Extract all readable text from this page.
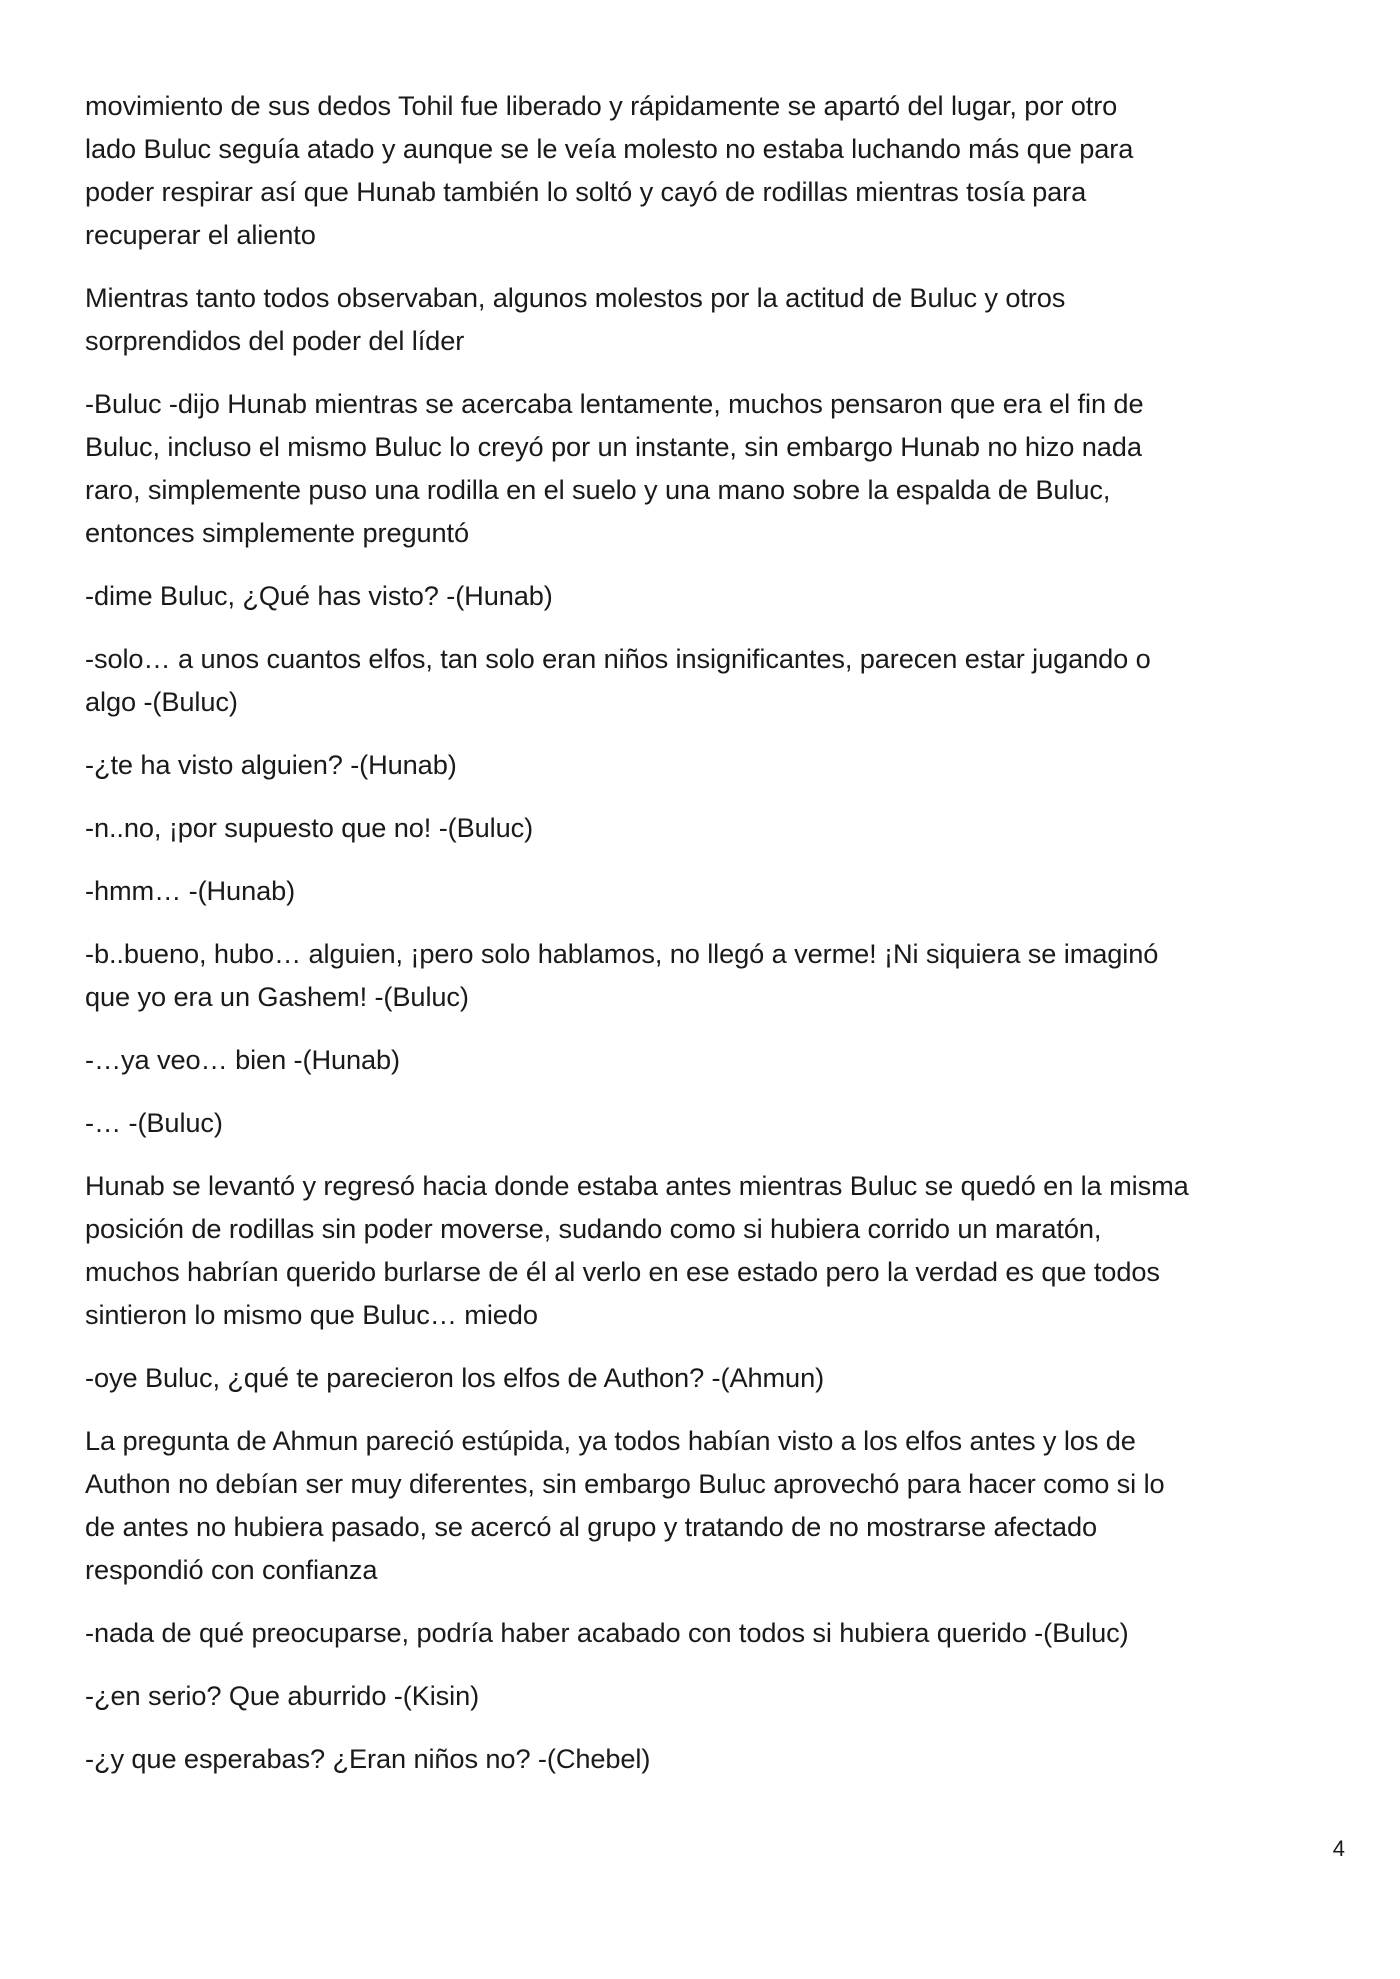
movimiento de sus dedos Tohil fue liberado y rápidamente se apartó del lugar, por otro
lado Buluc seguía atado y aunque se le veía molesto no estaba luchando más que para
poder respirar así que Hunab también lo soltó y cayó de rodillas mientras tosía para
recuperar el aliento

Mientras tanto todos observaban, algunos molestos por la actitud de Buluc y otros
sorprendidos del poder del líder

-Buluc -dijo Hunab mientras se acercaba lentamente, muchos pensaron que era el fin de
Buluc, incluso el mismo Buluc lo creyó por un instante, sin embargo Hunab no hizo nada
raro, simplemente puso una rodilla en el suelo y una mano sobre la espalda de Buluc,
entonces simplemente preguntó

-dime Buluc, ¿Qué has visto? -(Hunab)

-solo… a unos cuantos elfos, tan solo eran niños insignificantes, parecen estar jugando o
algo -(Buluc)

-¿te ha visto alguien? -(Hunab)

-n..no, ¡por supuesto que no! -(Buluc)

-hmm… -(Hunab)

-b..bueno, hubo… alguien, ¡pero solo hablamos, no llegó a verme! ¡Ni siquiera se imaginó
que yo era un Gashem! -(Buluc)

-…ya veo… bien -(Hunab)

-… -(Buluc)

Hunab se levantó y regresó hacia donde estaba antes mientras Buluc se quedó en la misma
posición de rodillas sin poder moverse, sudando como si hubiera corrido un maratón,
muchos habrían querido burlarse de él al verlo en ese estado pero la verdad es que todos
sintieron lo mismo que Buluc… miedo

-oye Buluc, ¿qué te parecieron los elfos de Authon? -(Ahmun)

La pregunta de Ahmun pareció estúpida, ya todos habían visto a los elfos antes y los de
Authon no debían ser muy diferentes, sin embargo Buluc aprovechó para hacer como si lo
de antes no hubiera pasado, se acercó al grupo y tratando de no mostrarse afectado
respondió con confianza

-nada de qué preocuparse, podría haber acabado con todos si hubiera querido -(Buluc)

-¿en serio? Que aburrido -(Kisin)

-¿y que esperabas? ¿Eran niños no? -(Chebel)

4
